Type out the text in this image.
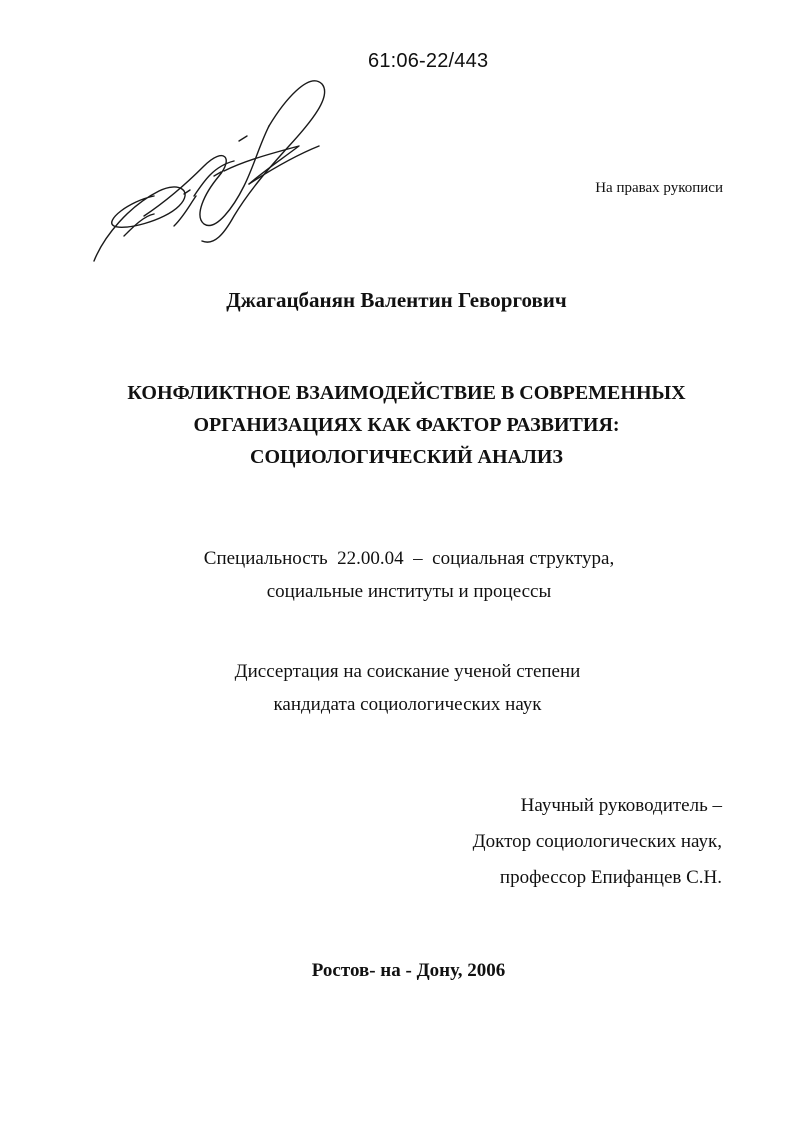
61:06-22/443
На правах рукописи
Джагацбанян Валентин Геворгович
КОНФЛИКТНОЕ ВЗАИМОДЕЙСТВИЕ В СОВРЕМЕННЫХ
ОРГАНИЗАЦИЯХ КАК ФАКТОР РАЗВИТИЯ:
СОЦИОЛОГИЧЕСКИЙ АНАЛИЗ
Специальность  22.00.04  –  социальная структура,
социальные институты и процессы
Диссертация на соискание ученой степени
кандидата социологических наук
Научный руководитель –
Доктор социологических наук,
профессор Епифанцев С.Н.
Ростов- на - Дону, 2006
